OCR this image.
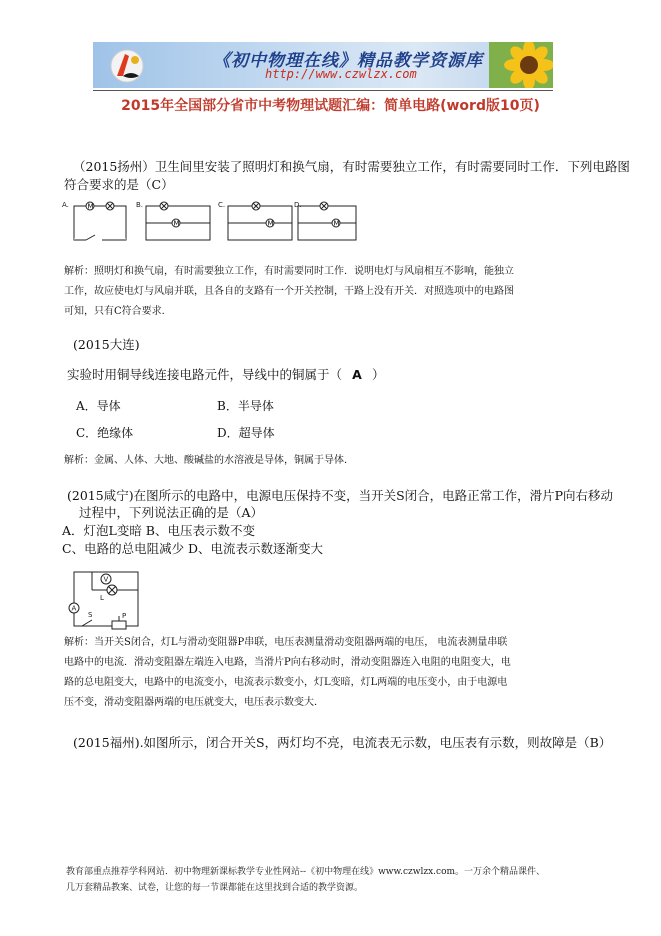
《初中物理在线》精品教学资源库
http://www.czwlzx.com
2015年全国部分省市中考物理试题汇编：简单电路(word版10页)
（2015扬州）卫生间里安装了照明灯和换气扇，有时需要独立工作，有时需要同时工作．下列电路图
符合要求的是（C）
M
M	M	M
A.	B.	C.	D.
解析：照明灯和换气扇，有时需要独立工作，有时需要同时工作．说明电灯与风扇相互不影响，能独立
工作，故应使电灯与风扇并联，且各自的支路有一个开关控制，干路上没有开关．对照选项中的电路图
可知，只有C符合要求．
(2015大连)
实验时用铜导线连接电路元件，导线中的铜属于（ A ）
A．导体	B．半导体
C．绝缘体	D．超导体
解析：金属、人体、大地、酸碱盐的水溶液是导体，铜属于导体．
(2015咸宁)在图所示的电路中，电源电压保持不变，当开关S闭合，电路正常工作，滑片P向右移动
过程中，下列说法正确的是（A）
A．灯泡L变暗 B、电压表示数不变
C、电路的总电阻减少 D、电流表示数逐渐变大
V
A
L
S	P
解析：当开关S闭合，灯L与滑动变阻器P串联，电压表测量滑动变阻器两端的电压， 电流表测量串联
电路中的电流．滑动变阻器左端连入电路，当滑片P向右移动时，滑动变阻器连入电阻的电阻变大，电
路的总电阻变大，电路中的电流变小，电流表示数变小，灯L变暗，灯L两端的电压变小，由于电源电
压不变，滑动变阻器两端的电压就变大，电压表示数变大．
(2015福州).如图所示，闭合开关S，两灯均不亮，电流表无示数，电压表有示数，则故障是（B）
教育部重点推荐学科网站．初中物理新课标教学专业性网站--《初中物理在线》www.czwlzx.com。一万余个精品课件、
几万套精品教案、试卷，让您的每一节课都能在这里找到合适的教学资源。
